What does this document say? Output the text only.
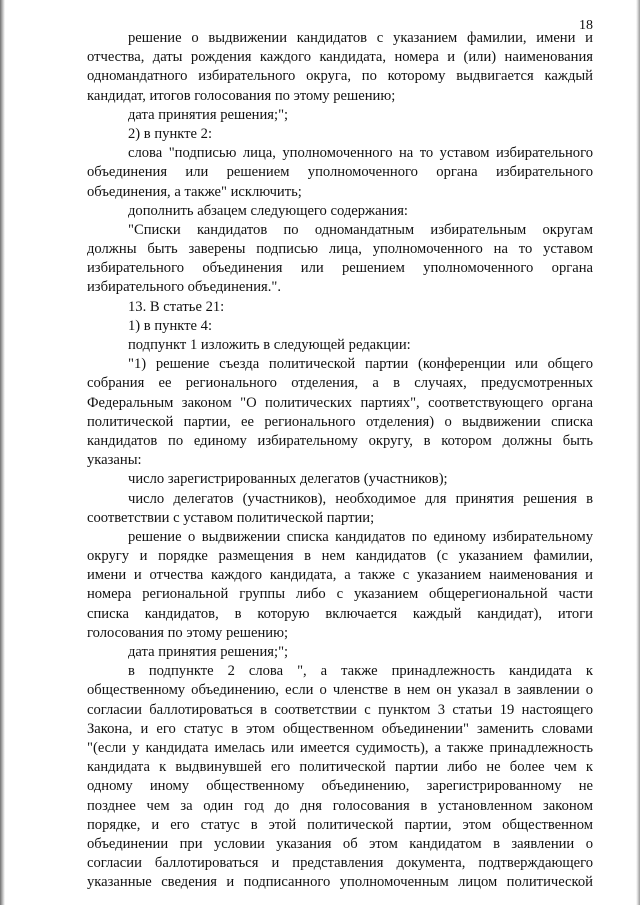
18
решение о выдвижении кандидатов с указанием фамилии, имени и
отчества, даты рождения каждого кандидата, номера и (или) наименования
одномандатного избирательного округа, по которому выдвигается каждый
кандидат, итогов голосования по этому решению;
дата принятия решения;";
2) в пункте 2:
слова "подписью лица, уполномоченного на то уставом избирательного
объединения или решением уполномоченного органа избирательного
объединения, а также" исключить;
дополнить абзацем следующего содержания:
"Списки кандидатов по одномандатным избирательным округам
должны быть заверены подписью лица, уполномоченного на то уставом
избирательного объединения или решением уполномоченного органа
избирательного объединения.".
13. В статье 21:
1) в пункте 4:
подпункт 1 изложить в следующей редакции:
"1) решение съезда политической партии (конференции или общего
собрания ее регионального отделения, а в случаях, предусмотренных
Федеральным законом "О политических партиях", соответствующего органа
политической партии, ее регионального отделения) о выдвижении списка
кандидатов по единому избирательному округу, в котором должны быть
указаны:
число зарегистрированных делегатов (участников);
число делегатов (участников), необходимое для принятия решения в
соответствии с уставом политической партии;
решение о выдвижении списка кандидатов по единому избирательному
округу и порядке размещения в нем кандидатов (с указанием фамилии,
имени и отчества каждого кандидата, а также с указанием наименования и
номера региональной группы либо с указанием общерегиональной части
списка кандидатов, в которую включается каждый кандидат), итоги
голосования по этому решению;
дата принятия решения;";
в подпункте 2 слова ", а также принадлежность кандидата к
общественному объединению, если о членстве в нем он указал в заявлении о
согласии баллотироваться в соответствии с пунктом 3 статьи 19 настоящего
Закона, и его статус в этом общественном объединении" заменить словами
"(если у кандидата имелась или имеется судимость), а также принадлежность
кандидата к выдвинувшей его политической партии либо не более чем к
одному иному общественному объединению, зарегистрированному не
позднее чем за один год до дня голосования в установленном законом
порядке, и его статус в этой политической партии, этом общественном
объединении при условии указания об этом кандидатом в заявлении о
согласии баллотироваться и представления документа, подтверждающего
указанные сведения и подписанного уполномоченным лицом политической
